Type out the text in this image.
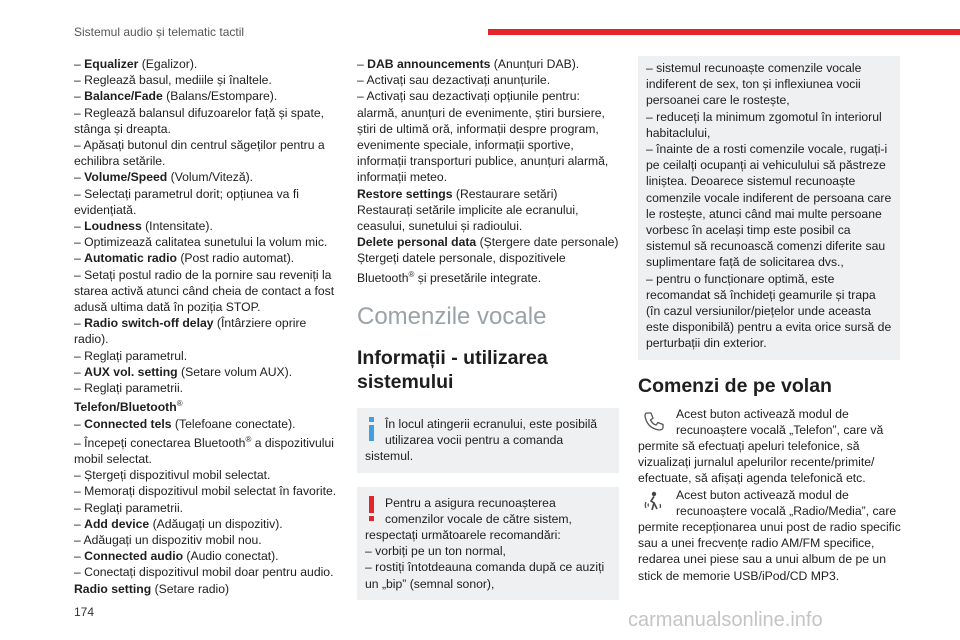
Sistemul audio și telematic tactil
– Equalizer (Egalizor).
– Reglează basul, mediile și înaltele.
– Balance/Fade (Balans/Estompare).
– Reglează balansul difuzoarelor față și spate,
stânga și dreapta.
– Apăsați butonul din centrul săgeților pentru a
echilibra setările.
– Volume/Speed (Volum/Viteză).
– Selectați parametrul dorit; opțiunea va fi
evidențiată.
– Loudness (Intensitate).
– Optimizează calitatea sunetului la volum mic.
– Automatic radio (Post radio automat).
– Setați postul radio de la pornire sau reveniți la
starea activă atunci când cheia de contact a fost
adusă ultima dată în poziția STOP.
– Radio switch-off delay (Întârziere oprire
radio).
– Reglați parametrul.
– AUX vol. setting (Setare volum AUX).
– Reglați parametrii.
Telefon/Bluetooth®
– Connected tels (Telefoane conectate).
– Începeți conectarea Bluetooth® a dispozitivului
mobil selectat.
– Ștergeți dispozitivul mobil selectat.
– Memorați dispozitivul mobil selectat în favorite.
– Reglați parametrii.
– Add device (Adăugați un dispozitiv).
– Adăugați un dispozitiv mobil nou.
– Connected audio (Audio conectat).
– Conectați dispozitivul mobil doar pentru audio.
Radio setting (Setare radio)
– DAB announcements (Anunțuri DAB).
– Activați sau dezactivați anunțurile.
– Activați sau dezactivați opțiunile pentru:
alarmă, anunțuri de evenimente, știri bursiere,
știri de ultimă oră, informații despre program,
evenimente speciale, informații sportive,
informații transporturi publice, anunțuri alarmă,
informații meteo.
Restore settings (Restaurare setări)
Restaurați setările implicite ale ecranului,
ceasului, sunetului și radioului.
Delete personal data (Ștergere date personale)
Ștergeți datele personale, dispozitivele
Bluetooth® și presetările integrate.
Comenzile vocale
Informații - utilizarea
sistemului
În locul atingerii ecranului, este posibilă
utilizarea vocii pentru a comanda
sistemul.
Pentru a asigura recunoașterea
comenzilor vocale de către sistem,
respectați următoarele recomandări:
– vorbiți pe un ton normal,
– rostiți întotdeauna comanda după ce auziți
un „bip” (semnal sonor),
– sistemul recunoaște comenzile vocale
indiferent de sex, ton și inflexiunea vocii
persoanei care le rostește,
– reduceți la minimum zgomotul în interiorul
habitaclului,
– înainte de a rosti comenzile vocale, rugați-i
pe ceilalți ocupanți ai vehiculului să păstreze
liniștea. Deoarece sistemul recunoaște
comenzile vocale indiferent de persoana care
le rostește, atunci când mai multe persoane
vorbesc în același timp este posibil ca
sistemul să recunoască comenzi diferite sau
suplimentare față de solicitarea dvs.,
– pentru o funcționare optimă, este
recomandat să închideți geamurile și trapa
(în cazul versiunilor/piețelor unde aceasta
este disponibilă) pentru a evita orice sursă de
perturbații din exterior.
Comenzi de pe volan
Acest buton activează modul de
recunoaștere vocală „Telefon”, care vă
permite să efectuați apeluri telefonice, să
vizualizați jurnalul apelurilor recente/primite/
efectuate, să afișați agenda telefonică etc.
Acest buton activează modul de
recunoaștere vocală „Radio/Media”, care
permite recepționarea unui post de radio specific
sau a unei frecvențe radio AM/FM specifice,
redarea unei piese sau a unui album de pe un
stick de memorie USB/iPod/CD MP3.
174	carmanualsonline.info
